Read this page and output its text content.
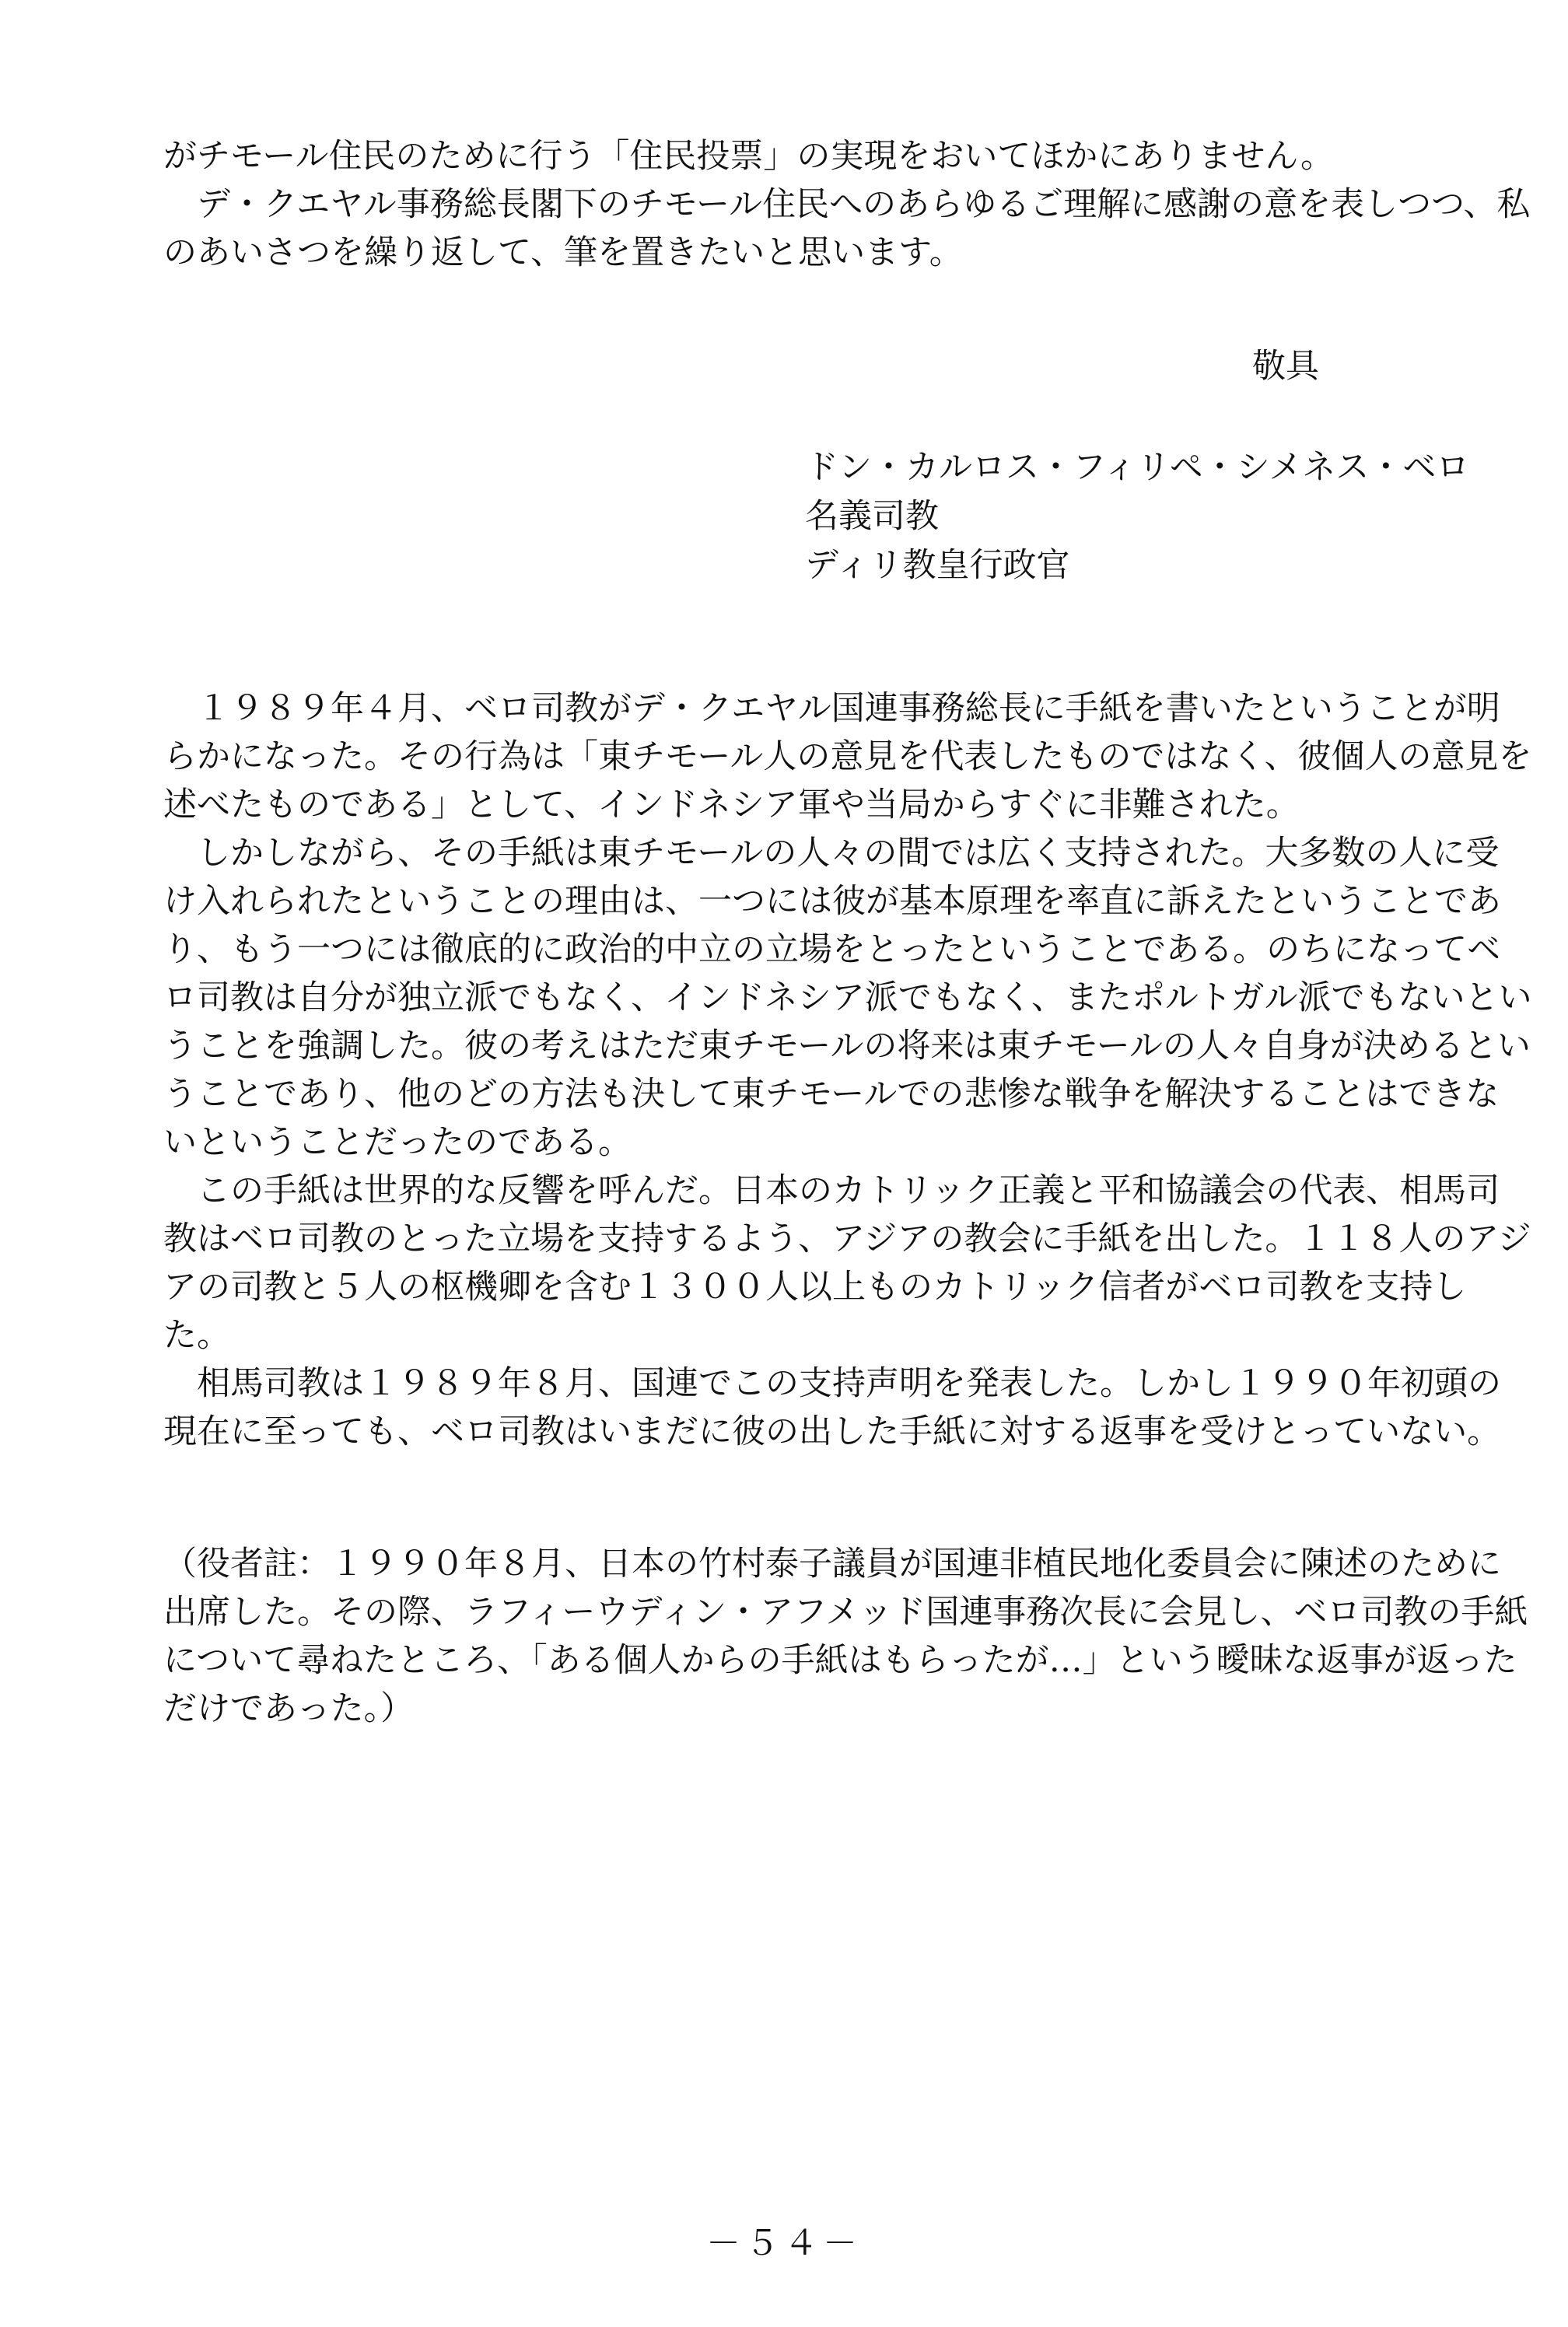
がチモール住民のために行う「住民投票」の実現をおいてほかにありません。

デ・クエヤル事務総長閣下のチモール住民へのあらゆるご理解に感謝の意を表しつつ、私のあいさつを繰り返して、筆を置きたいと思います。

敬具

ドン・カルロス・フィリペ・シメネス・ベロ
名義司教
ディリ教皇行政官

１９８９年４月、ベロ司教がデ・クエヤル国連事務総長に手紙を書いたということが明らかになった。その行為は「東チモール人の意見を代表したものではなく、彼個人の意見を述べたものである」として、インドネシア軍や当局からすぐに非難された。

しかしながら、その手紙は東チモールの人々の間では広く支持された。大多数の人に受け入れられたということの理由は、一つには彼が基本原理を率直に訴えたということであり、もう一つには徹底的に政治的中立の立場をとったということである。のちになってベロ司教は自分が独立派でもなく、インドネシア派でもなく、またポルトガル派でもないということを強調した。彼の考えはただ東チモールの将来は東チモールの人々自身が決めるということであり、他のどの方法も決して東チモールでの悲惨な戦争を解決することはできないということだったのである。

この手紙は世界的な反響を呼んだ。日本のカトリック正義と平和協議会の代表、相馬司教はベロ司教のとった立場を支持するよう、アジアの教会に手紙を出した。１１８人のアジアの司教と５人の枢機卿を含む１３００人以上ものカトリック信者がベロ司教を支持した。

相馬司教は１９８９年８月、国連でこの支持声明を発表した。しかし１９９０年初頭の現在に至っても、ベロ司教はいまだに彼の出した手紙に対する返事を受けとっていない。

（役者註：１９９０年８月、日本の竹村泰子議員が国連非植民地化委員会に陳述のために出席した。その際、ラフィーウディン・アフメッド国連事務次長に会見し、ベロ司教の手紙について尋ねたところ、「ある個人からの手紙はもらったが…」という曖昧な返事が返っただけであった。）

－５４－
